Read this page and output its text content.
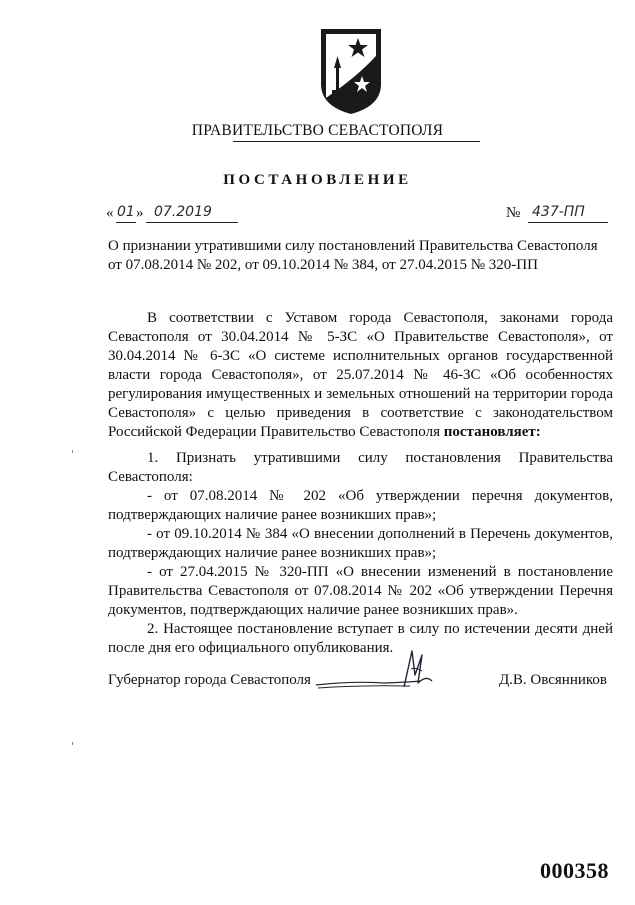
ПРАВИТЕЛЬСТВО СЕВАСТОПОЛЯ
ПОСТАНОВЛЕНИЕ
« 01 » 07.2019	№ 437-ПП
О признании утратившими силу постановлений Правительства Севастополя
от 07.08.2014 № 202, от 09.10.2014 № 384, от 27.04.2015 № 320-ПП

В соответствии с Уставом города Севастополя, законами города Севастополя от 30.04.2014 № 5-ЗС «О Правительстве Севастополя», от 30.04.2014 № 6-ЗС «О системе исполнительных органов государственной власти города Севастополя», от 25.07.2014 № 46-ЗС «Об особенностях регулирования имущественных и земельных отношений на территории города Севастополя» с целью приведения в соответствие с законодательством Российской Федерации Правительство Севастополя постановляет:

1. Признать утратившими силу постановления Правительства Севастополя:

- от 07.08.2014 № 202 «Об утверждении перечня документов, подтверждающих наличие ранее возникших прав»;

- от 09.10.2014 № 384 «О внесении дополнений в Перечень документов, подтверждающих наличие ранее возникших прав»;

- от 27.04.2015 № 320-ПП «О внесении изменений в постановление Правительства Севастополя от 07.08.2014 № 202 «Об утверждении Перечня документов, подтверждающих наличие ранее возникших прав».

2. Настоящее постановление вступает в силу по истечении десяти дней после дня его официального опубликования.

Губернатор города Севастополя	Д.В. Овсянников
000358
